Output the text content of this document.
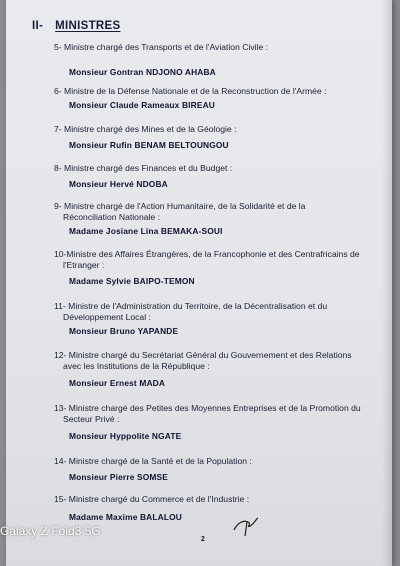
II- MINISTRES
5- Ministre chargé des Transports et de l'Aviation Civile :
Monsieur Gontran NDJONO AHABA
6- Ministre de la Défense Nationale et de la Reconstruction de l'Armée :
Monsieur Claude Rameaux BIREAU
7- Ministre chargé des Mines et de la Géologie :
Monsieur Rufin BENAM BELTOUNGOU
8- Ministre chargé des Finances et du Budget :
Monsieur Hervé NDOBA
9- Ministre chargé de l'Action Humanitaire, de la Solidarité et de la
Réconciliation Nationale :
Madame Josiane Lina BEMAKA-SOUI
10-Ministre des Affaires Étrangères, de la Francophonie et des Centrafricains de
l'Etranger :
Madame Sylvie BAIPO-TEMON
11- Ministre de l'Administration du Territoire, de la Décentralisation et du
Développement Local :
Monsieur Bruno YAPANDE
12- Ministre chargé du Secrétariat Général du Gouvernement et des Relations
avec les Institutions de la République :
Monsieur Ernest MADA
13- Ministre chargé des Petites des Moyennes Entreprises et de la Promotion du
Secteur Privé :
Monsieur Hyppolite NGATE
14- Ministre chargé de la Santé et de la Population :
Monsieur Pierre SOMSE
15- Ministre chargé du Commerce et de l'Industrie :
Madame Maxime BALALOU
2
Galaxy Z Fold3 5G
